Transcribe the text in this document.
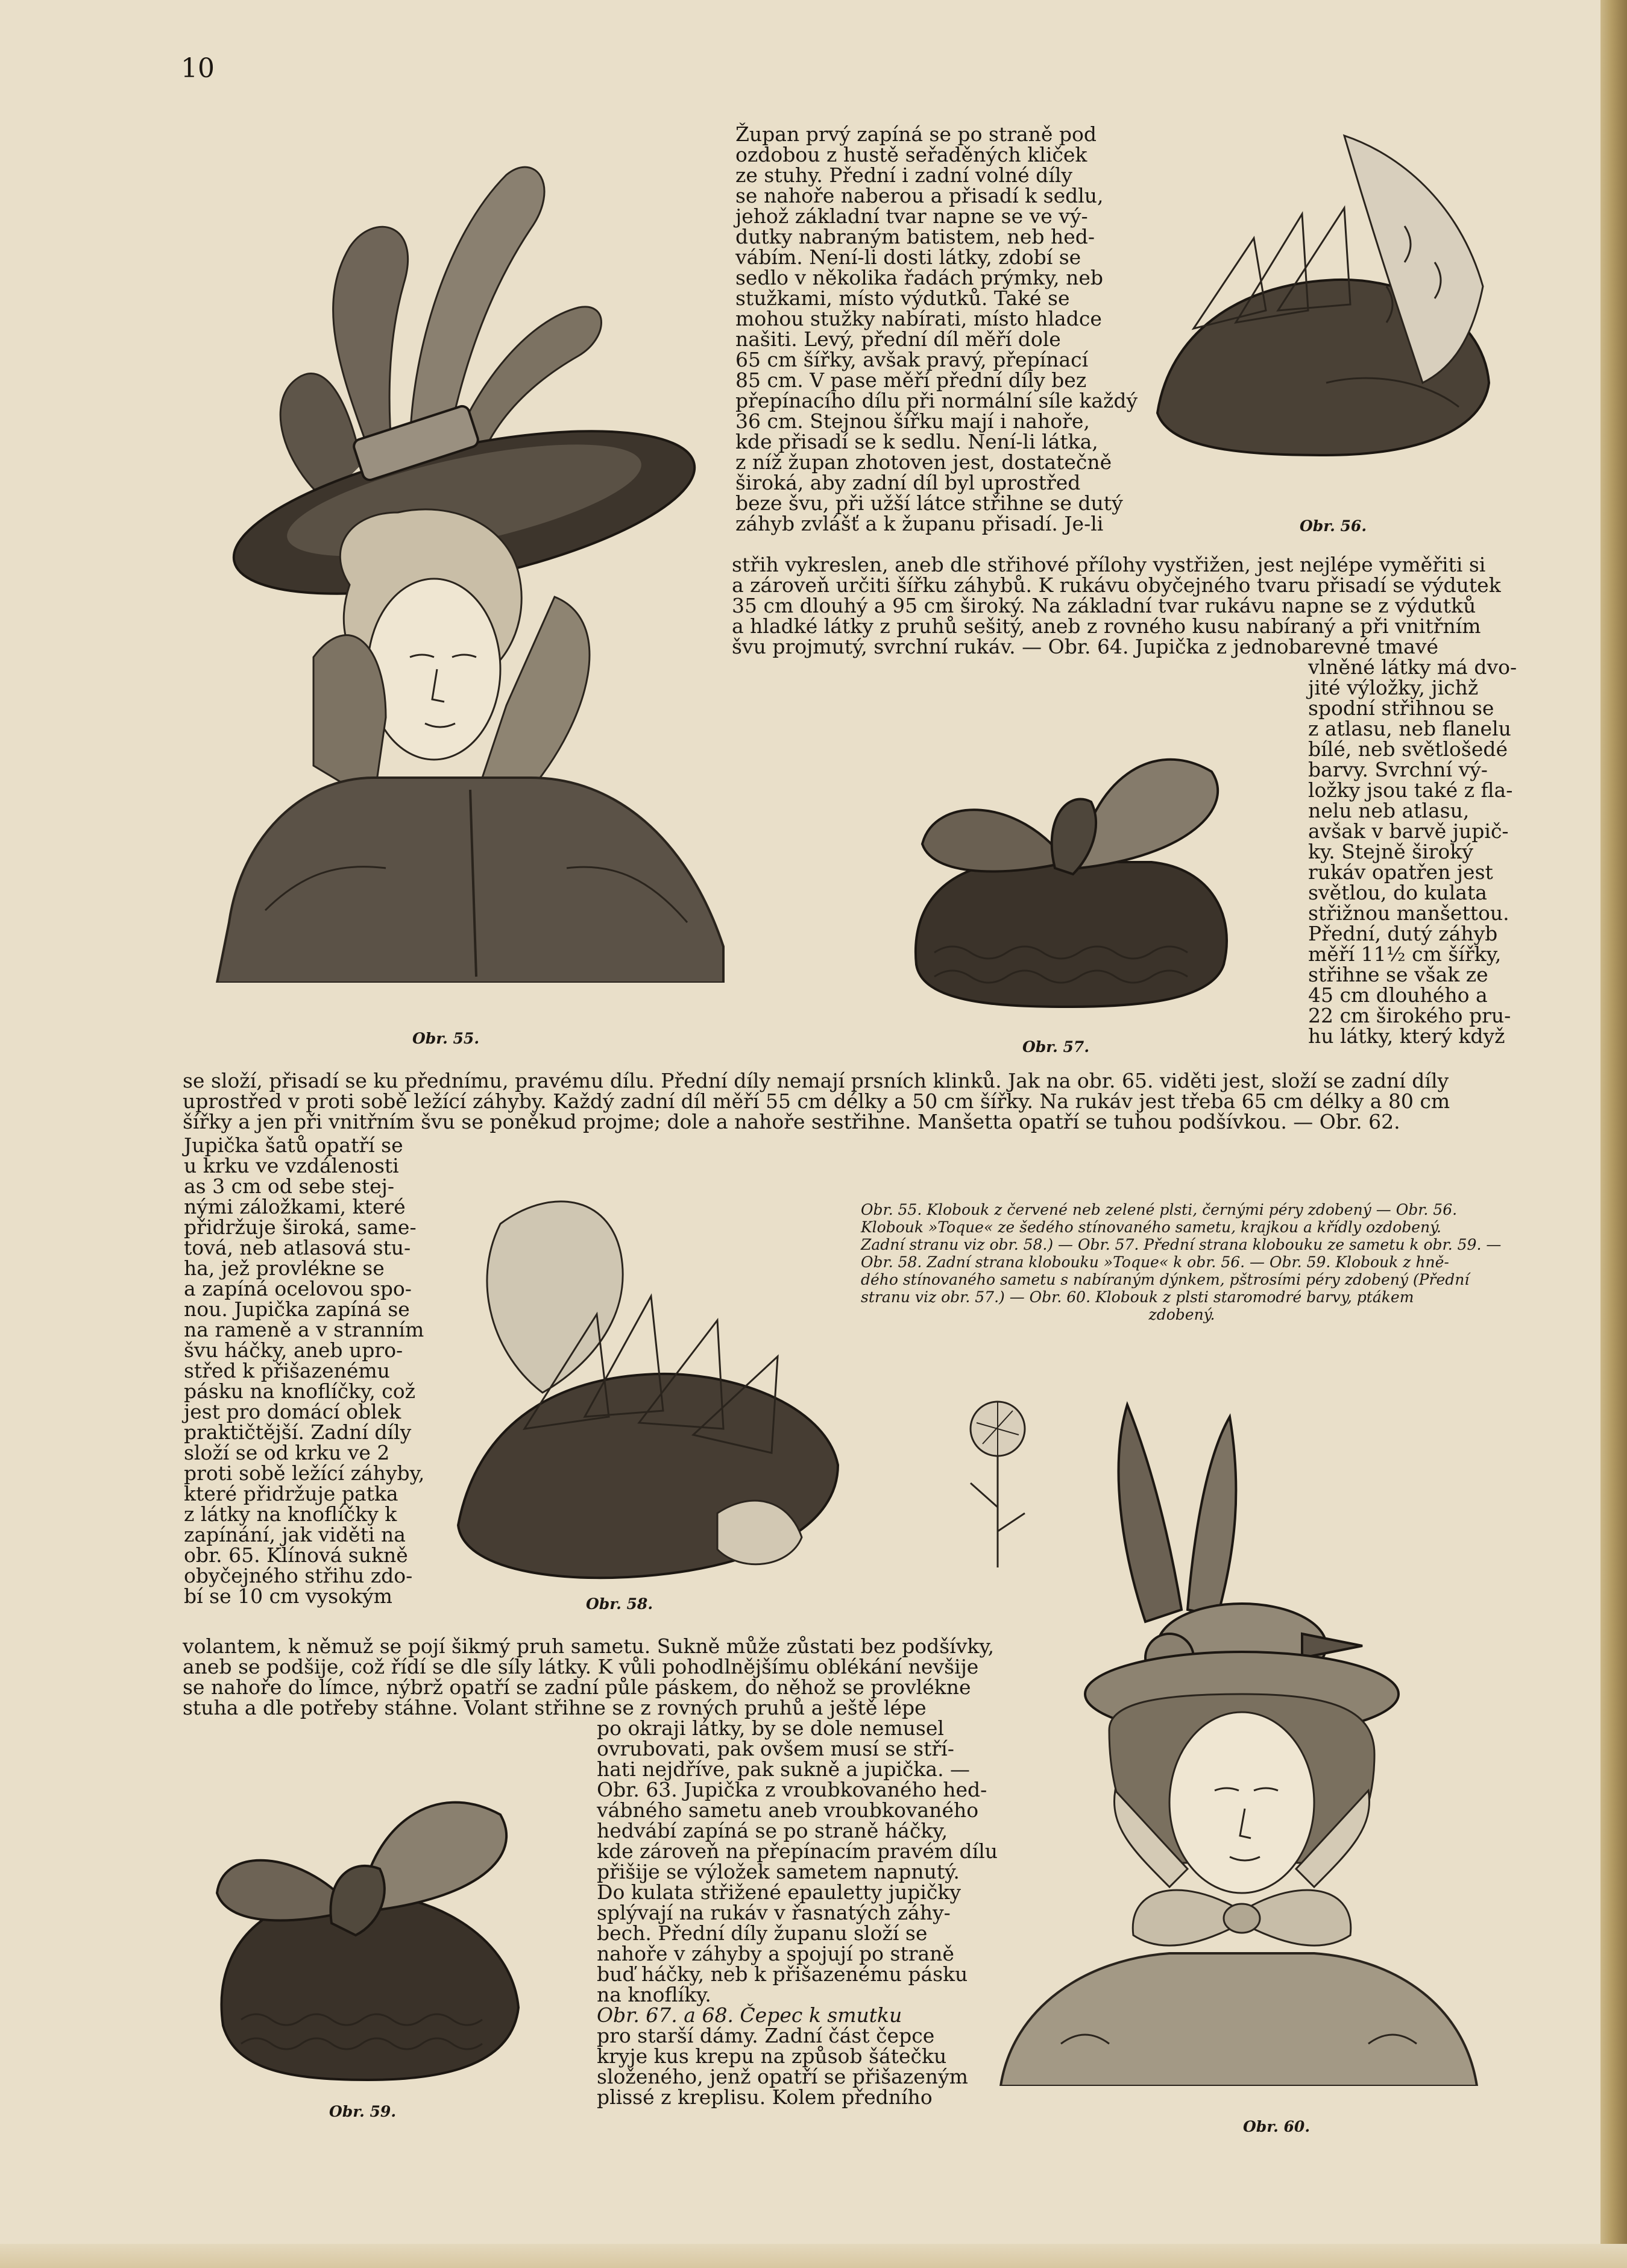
10
Obr. 55.
Obr. 56.
Obr. 57.
Obr. 58.
Obr. 59.
Obr. 60.
Župan prvý zapíná se po straně pod
ozdobou z hustě seřaděných kliček
ze stuhy. Přední i zadní volné díly
se nahoře naberou a přisadí k sedlu,
jehož základní tvar napne se ve vý-
dutky nabraným batistem, neb hed-
vábím. Není-li dosti látky, zdobí se
sedlo v několika řadách prýmky, neb
stužkami, místo výdutků. Také se
mohou stužky nabírati, místo hladce
našiti. Levý, přední díl měří dole
65 cm šířky, avšak pravý, přepínací
85 cm. V pase měří přední díly bez
přepínacího dílu při normální síle každý
36 cm. Stejnou šířku mají i nahoře,
kde přisadí se k sedlu. Není-li látka,
z níž župan zhotoven jest, dostatečně
široká, aby zadní díl byl uprostřed
beze švu, při užší látce střihne se dutý
záhyb zvlášť a k županu přisadí. Je-li
střih vykreslen, aneb dle střihové přílohy vystřižen, jest nejlépe vyměřiti si
a zároveň určiti šířku záhybů. K rukávu obyčejného tvaru přisadí se výdutek
35 cm dlouhý a 95 cm široký. Na základní tvar rukávu napne se z výdutků
a hladké látky z pruhů sešitý, aneb z rovného kusu nabíraný a při vnitřním
švu projmutý, svrchní rukáv. — Obr. 64. Jupička z jednobarevné tmavé
vlněné látky má dvo-
jité výložky, jichž
spodní střihnou se
z atlasu, neb flanelu
bílé, neb světlošedé
barvy. Svrchní vý-
ložky jsou také z fla-
nelu neb atlasu,
avšak v barvě jupič-
ky. Stejně široký
rukáv opatřen jest
světlou, do kulata
střižnou manšettou.
Přední, dutý záhyb
měří 11½ cm šířky,
střihne se však ze
45 cm dlouhého a
22 cm širokého pru-
hu látky, který když
se složí, přisadí se ku přednímu, pravému dílu. Přední díly nemají prsních klinků. Jak na obr. 65. viděti jest, složí se zadní díly
uprostřed v proti sobě ležící záhyby. Každý zadní díl měří 55 cm délky a 50 cm šířky. Na rukáv jest třeba 65 cm délky a 80 cm
šířky a jen při vnitřním švu se poněkud projme; dole a nahoře sestřihne. Manšetta opatří se tuhou podšívkou. — Obr. 62.
Jupička šatů opatří se
u krku ve vzdálenosti
as 3 cm od sebe stej-
nými záložkami, které
přidržuje široká, samе-
tová, neb atlasová stu-
ha, jež provlékne se
a zapíná ocelovou spo-
nou. Jupička zapíná se
na rameně a v stranním
švu háčky, aneb upro-
střed k přišazenému
pásku na knoflíčky, což
jest pro domácí oblek
praktičtější. Zadní díly
složí se od krku ve 2
proti sobě ležící záhyby,
které přidržuje patka
z látky na knoflíčky k
zapínání, jak viděti na
obr. 65. Klínová sukně
obyčejného střihu zdo-
bí se 10 cm vysokým
Obr. 55. Klobouk z červené neb zelené plsti, černými péry zdobený — Obr. 56.
Klobouk »Toque« ze šedého stínovaného sametu, krajkou a křídly ozdobený.
Zadní stranu viz obr. 58.) — Obr. 57. Přední strana klobouku ze sametu k obr. 59. —
Obr. 58. Zadní strana klobouku »Toque« k obr. 56. — Obr. 59. Klobouk z hně-
dého stínovaného sametu s nabíraným dýnkem, pštrosími péry zdobený (Přední
stranu viz obr. 57.) — Obr. 60. Klobouk z plsti staromodré barvy, ptákem
zdobený.
volantem, k němuž se pojí šikmý pruh sametu. Sukně může zůstati bez podšívky,
aneb se podšije, což řídí se dle síly látky. K vůli pohodlnějšímu oblékání nevšije
se nahoře do límce, nýbrž opatří se zadní půle páskem, do něhož se provlékne
stuha a dle potřeby stáhne. Volant střihne se z rovných pruhů a ještě lépe
po okraji látky, by se dole nemusel
ovrubovati, pak ovšem musí se stří-
hati nejdříve, pak sukně a jupička. —
Obr. 63. Jupička z vroubkovaného hed-
vábného sametu aneb vroubkovaného
hedvábí zapíná se po straně háčky,
kde zároveň na přepínacím pravém dílu
přišije se výložek sametem napnutý.
Do kulata střižené epauletty jupičky
splývají na rukáv v řasnatých záhy-
bech. Přední díly županu složí se
nahoře v záhyby a spojují po straně
buď háčky, neb k přišazenému pásku
na knoflíky.
Obr. 67. a 68. Čepec k smutku
pro starší dámy. Zadní část čepce
kryje kus krepu na způsob šátečku
složeného, jenž opatří se přišazeným
plissé z kreplisu. Kolem předního
